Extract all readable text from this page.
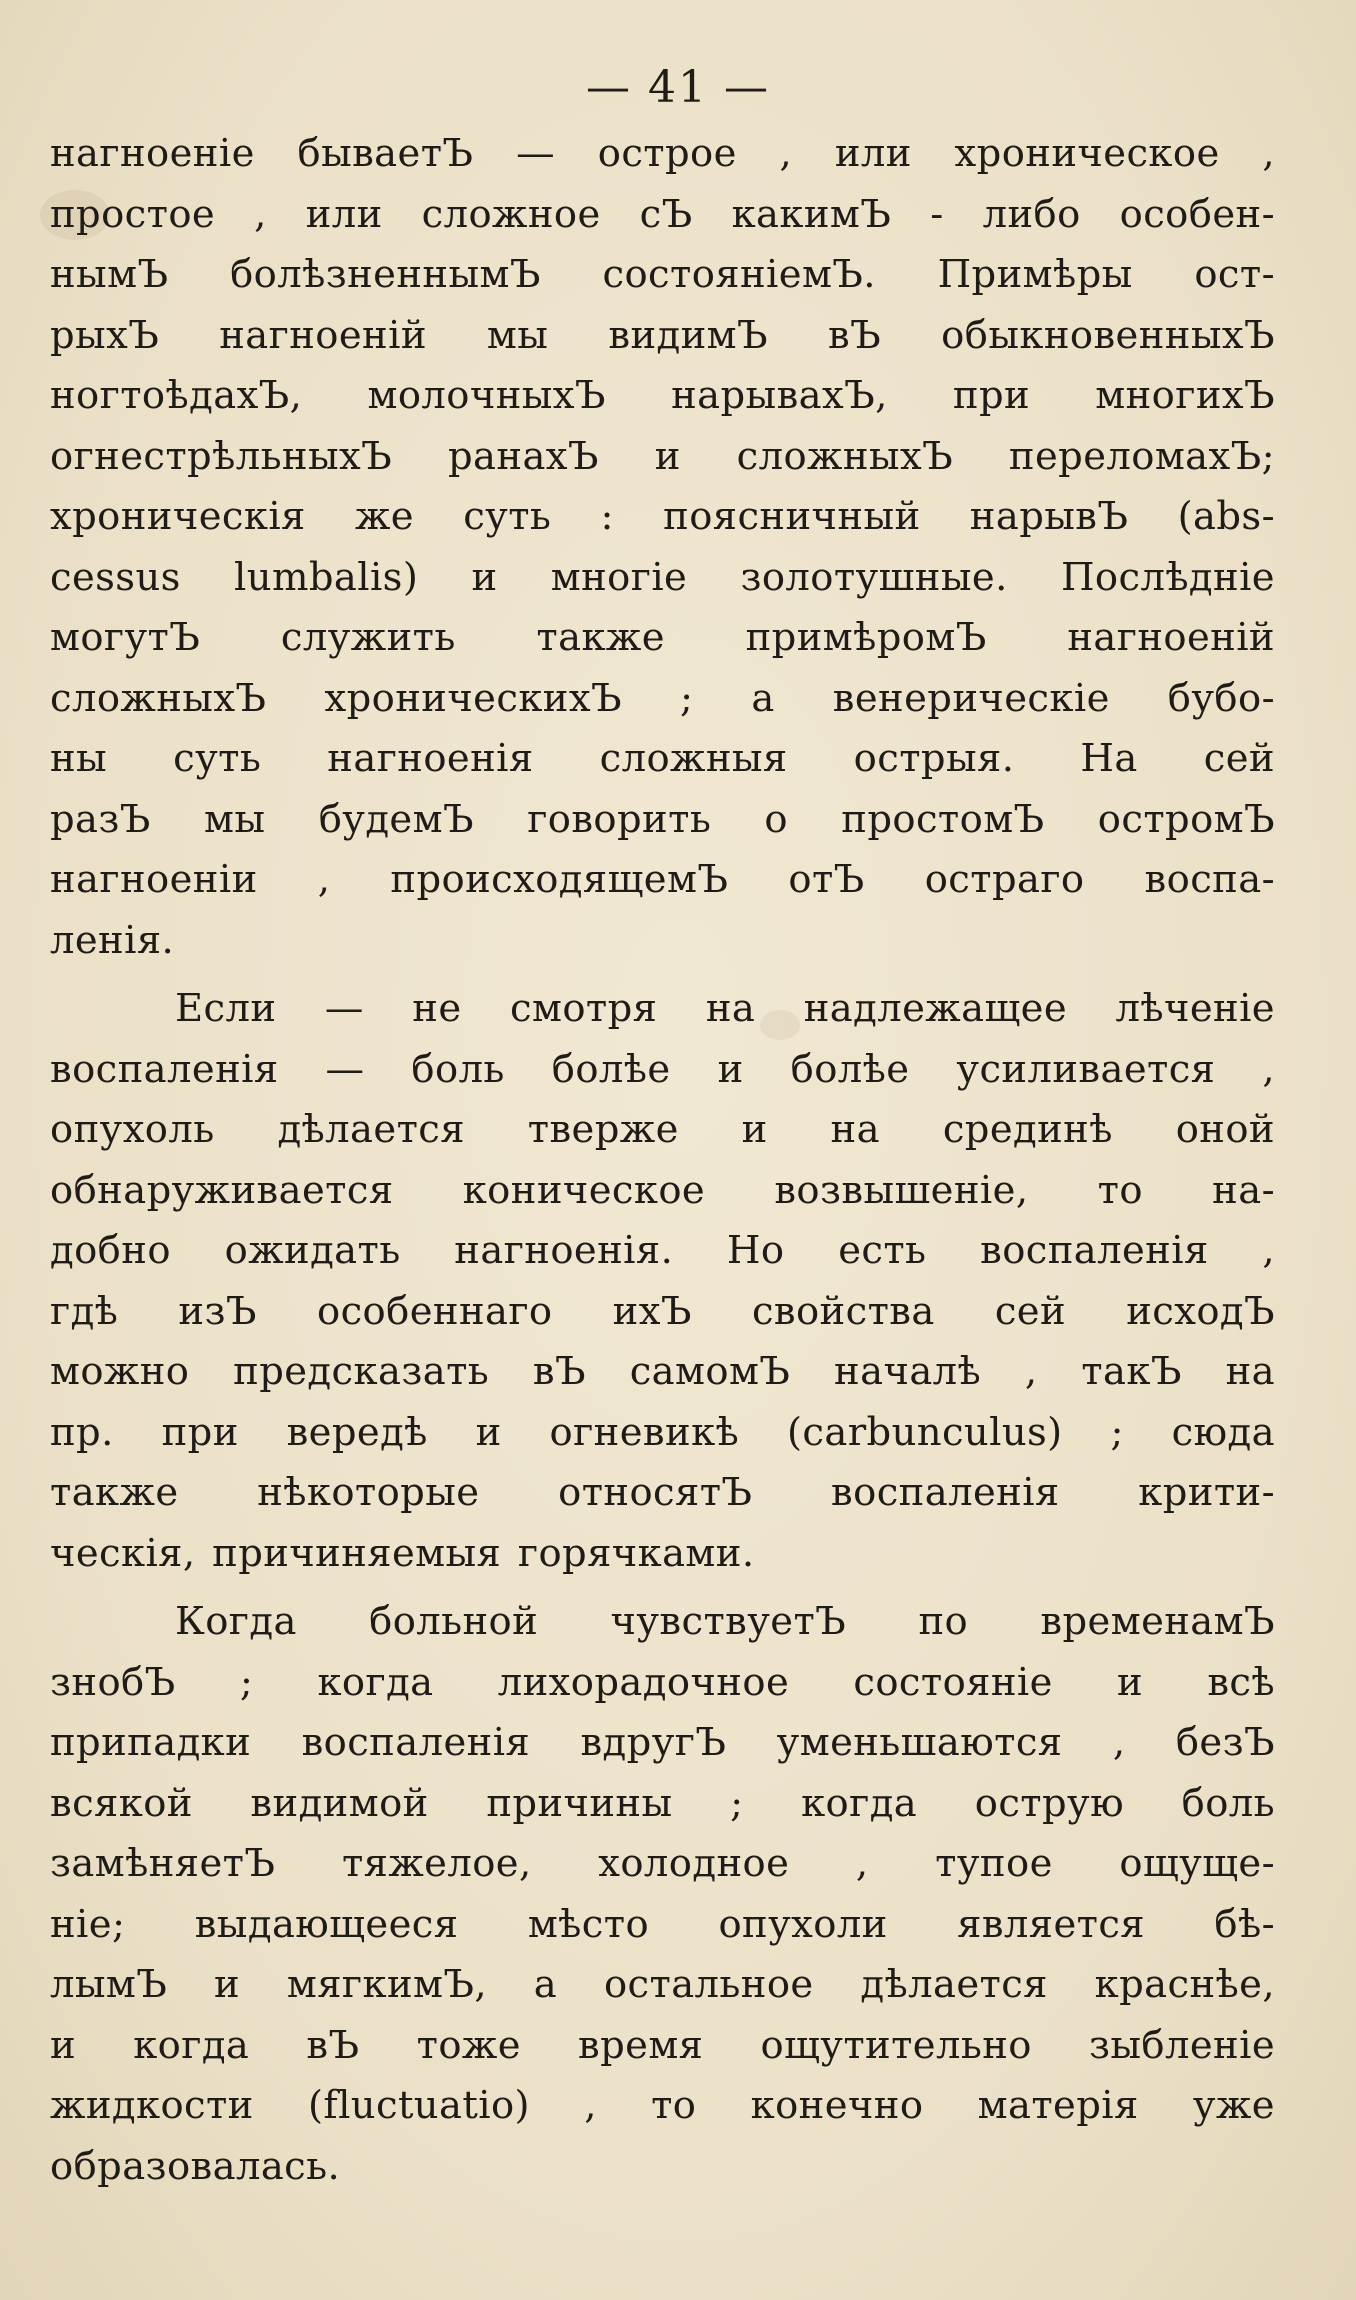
— 41 —
нагноеніе бываетЪ — острое , или хроническое ,
простое , или сложное сЪ какимЪ - либо особен-
нымЪ болѣзненнымЪ состояніемЪ. Примѣры ост-
рыхЪ нагноеній мы видимЪ вЪ обыкновенныхЪ
ногтоѣдахЪ, молочныхЪ нарывахЪ, при многихЪ
огнестрѣльныхЪ ранахЪ и сложныхЪ переломахЪ;
хроническія же суть : поясничный нарывЪ (abs-
cessus lumbalis) и многіе золотушные. Послѣдніе
могутЪ служить также примѣромЪ нагноеній
сложныхЪ хроническихЪ ; а венерическіе бубо-
ны суть нагноенія сложныя острыя. На сей
разЪ мы будемЪ говорить о простомЪ остромЪ
нагноеніи , происходящемЪ отЪ остраго воспа-
ленія.
Если — не смотря на надлежащее лѣченіе
воспаленія — боль болѣе и болѣе усиливается ,
опухоль дѣлается тверже и на срединѣ оной
обнаруживается коническое возвышеніе, то на-
добно ожидать нагноенія. Но есть воспаленія ,
гдѣ изЪ особеннаго ихЪ свойства сей исходЪ
можно предсказать вЪ самомЪ началѣ , такЪ на
пр. при вередѣ и огневикѣ (carbunculus) ; сюда
также нѣкоторые относятЪ воспаленія крити-
ческія, причиняемыя горячками.
Когда больной чувствуетЪ по временамЪ
знобЪ ; когда лихорадочное состояніе и всѣ
припадки воспаленія вдругЪ уменьшаются , безЪ
всякой видимой причины ; когда острую боль
замѣняетЪ тяжелое, холодное , тупое ощуще-
ніе; выдающееся мѣсто опухоли является бѣ-
лымЪ и мягкимЪ, а остальное дѣлается краснѣе,
и когда вЪ тоже время ощутительно зыбленіе
жидкости (fluctuatio) , то конечно матерія уже
образовалась.
